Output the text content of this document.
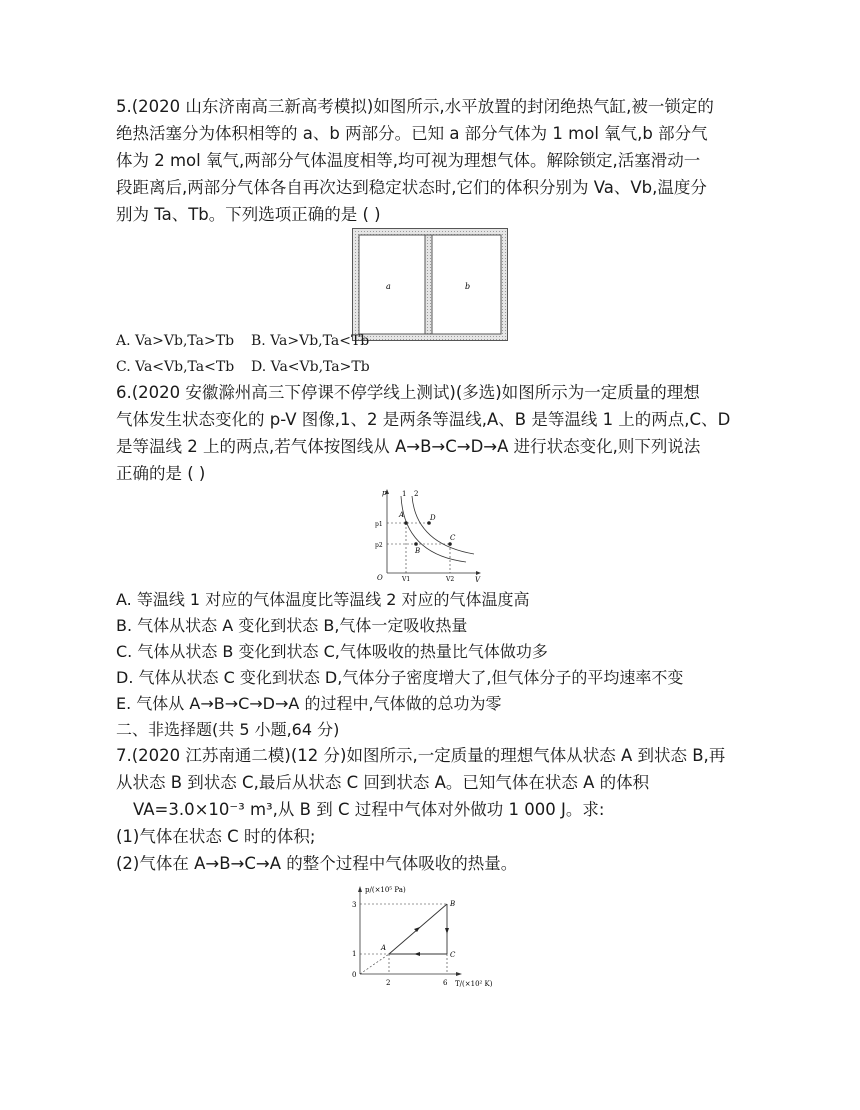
5.(2020 山东济南高三新高考模拟)如图所示,水平放置的封闭绝热气缸,被一锁定的
绝热活塞分为体积相等的 a、b 两部分。已知 a 部分气体为 1 mol 氧气,b 部分气
体为 2 mol 氧气,两部分气体温度相等,均可视为理想气体。解除锁定,活塞滑动一
段距离后,两部分气体各自再次达到稳定状态时,它们的体积分别为 Va、Vb,温度分
别为 Ta、Tb。下列选项正确的是 ( )
a	b
A. Va>Vb,Ta>Tb B. Va>Vb,Ta<Tb
C. Va<Vb,Ta<Tb D. Va<Vb,Ta>Tb
6.(2020 安徽滁州高三下停课不停学线上测试)(多选)如图所示为一定质量的理想
气体发生状态变化的 p-V 图像,1、2 是两条等温线,A、B 是等温线 1 上的两点,C、D
是等温线 2 上的两点,若气体按图线从 A→B→C→D→A 进行状态变化,则下列说法
正确的是 ( )
p
V
O
1 2
A	D
B
C
p1
p2
V1	V2
A. 等温线 1 对应的气体温度比等温线 2 对应的气体温度高
B. 气体从状态 A 变化到状态 B,气体一定吸收热量
C. 气体从状态 B 变化到状态 C,气体吸收的热量比气体做功多
D. 气体从状态 C 变化到状态 D,气体分子密度增大了,但气体分子的平均速率不变
E. 气体从 A→B→C→D→A 的过程中,气体做的总功为零
二、非选择题(共 5 小题,64 分)
7.(2020 江苏南通二模)(12 分)如图所示,一定质量的理想气体从状态 A 到状态 B,再
从状态 B 到状态 C,最后从状态 C 回到状态 A。已知气体在状态 A 的体积
VA=3.0×10⁻³ m³,从 B 到 C 过程中气体对外做功 1 000 J。求:
(1)气体在状态 C 时的体积;
(2)气体在 A→B→C→A 的整个过程中气体吸收的热量。
p/(×10⁵ Pa)
T/(×10² K)
0
3
1
2	6
A
B
C
